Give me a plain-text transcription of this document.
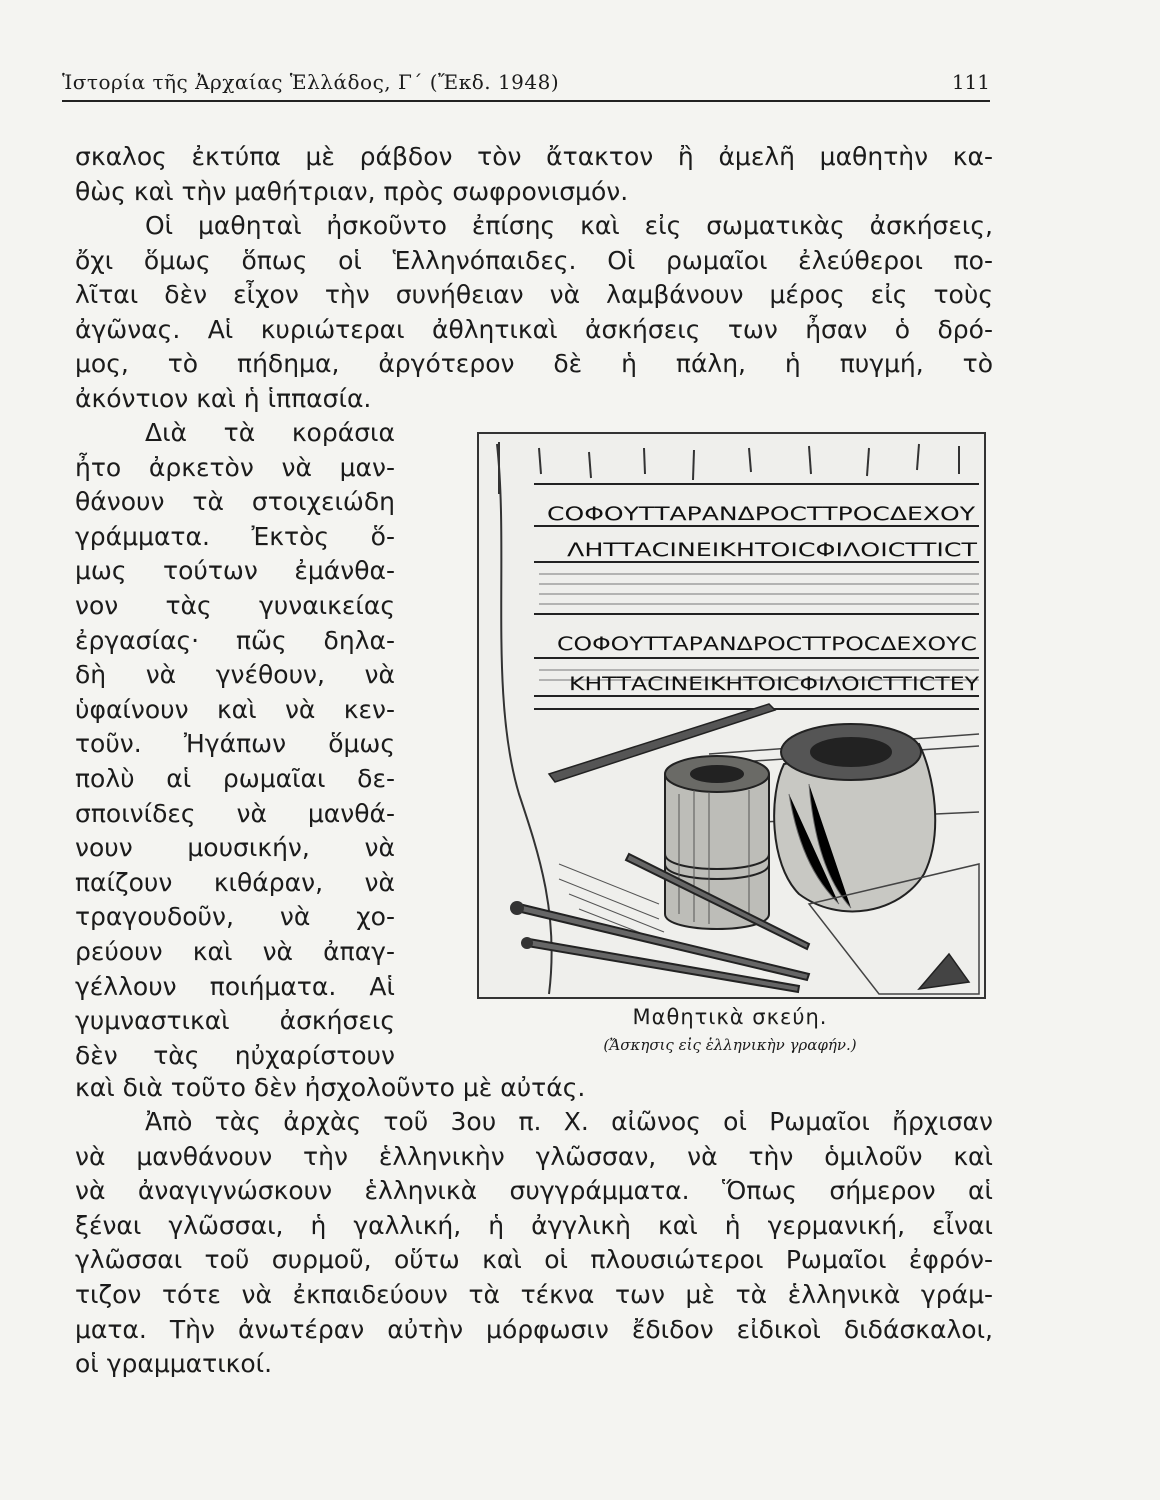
Ἱστορία τῆς Ἀρχαίας Ἑλλάδος, Γ΄ (Ἔκδ. 1948)	111
σκαλος ἐκτύπα μὲ ράβδον τὸν ἄτακτον ἢ ἀμελῆ μαθητὴν κα-
θὼς καὶ τὴν μαθήτριαν, πρὸς σωφρονισμόν.
Οἱ μαθηταὶ ἠσκοῦντο ἐπίσης καὶ εἰς σωματικὰς ἀσκήσεις,
ὄχι ὅμως ὅπως οἱ Ἑλληνόπαιδες. Οἱ ρωμαῖοι ἐλεύθεροι πο-
λῖται δὲν εἶχον τὴν συνήθειαν νὰ λαμβάνουν μέρος εἰς τοὺς
ἀγῶνας. Αἱ κυριώτεραι ἀθλητικαὶ ἀσκήσεις των ἦσαν ὁ δρό-
μος, τὸ πήδημα, ἀργότερον δὲ ἡ πάλη, ἡ πυγμή, τὸ
ἀκόντιον καὶ ἡ ἱππασία.
Διὰ τὰ κοράσια
ἦτο ἀρκετὸν νὰ μαν-
θάνουν τὰ στοιχειώδη
γράμματα. Ἐκτὸς ὅ-
μως τούτων ἐμάνθα-
νον τὰς γυναικείας
ἐργασίας· πῶς δηλα-
δὴ νὰ γνέθουν, νὰ
ὑφαίνουν καὶ νὰ κεν-
τοῦν. Ἠγάπων ὅμως
πολὺ αἱ ρωμαῖαι δε-
σποινίδες νὰ μανθά-
νουν μουσικήν, νὰ
παίζουν κιθάραν, νὰ
τραγουδοῦν, νὰ χο-
ρεύουν καὶ νὰ ἀπαγ-
γέλλουν ποιήματα. Αἱ
γυμναστικαὶ ἀσκήσεις
δὲν τὰς ηὐχαρίστουν
καὶ διὰ τοῦτο δὲν ἠσχολοῦντο μὲ αὐτάς.
Ἀπὸ τὰς ἀρχὰς τοῦ 3ου π. Χ. αἰῶνος οἱ Ρωμαῖοι ἤρχισαν
νὰ μανθάνουν τὴν ἑλληνικὴν γλῶσσαν, νὰ τὴν ὁμιλοῦν καὶ
νὰ ἀναγιγνώσκουν ἑλληνικὰ συγγράμματα. Ὅπως σήμερον αἱ
ξέναι γλῶσσαι, ἡ γαλλική, ἡ ἀγγλικὴ καὶ ἡ γερμανική, εἶναι
γλῶσσαι τοῦ συρμοῦ, οὕτω καὶ οἱ πλουσιώτεροι Ρωμαῖοι ἐφρόν-
τιζον τότε νὰ ἐκπαιδεύουν τὰ τέκνα των μὲ τὰ ἑλληνικὰ γράμ-
ματα. Τὴν ἀνωτέραν αὐτὴν μόρφωσιν ἔδιδον εἰδικοὶ διδάσκαλοι,
οἱ γραμματικοί.
ϹΟΦΟΥΤΤΑΡΑΝΔΡΟϹΤΤΡΟϹΔΕΧΟΥ
ΛΗΤΤΑϹΙΝΕΙΚΗΤΟΙϹΦΙΛΟΙϹΤΤΙϹΤ
ϹΟΦΟΥΤΤΑΡΑΝΔΡΟϹΤΤΡΟϹΔΕΧΟΥϹ
ΚΗΤΤΑϹΙΝΕΙΚΗΤΟΙϹΦΙΛΟΙϹΤΤΙϹΤΕΥ
Μαθητικὰ σκεύη.
(Ἄσκησις εἰς ἑλληνικὴν γραφήν.)
